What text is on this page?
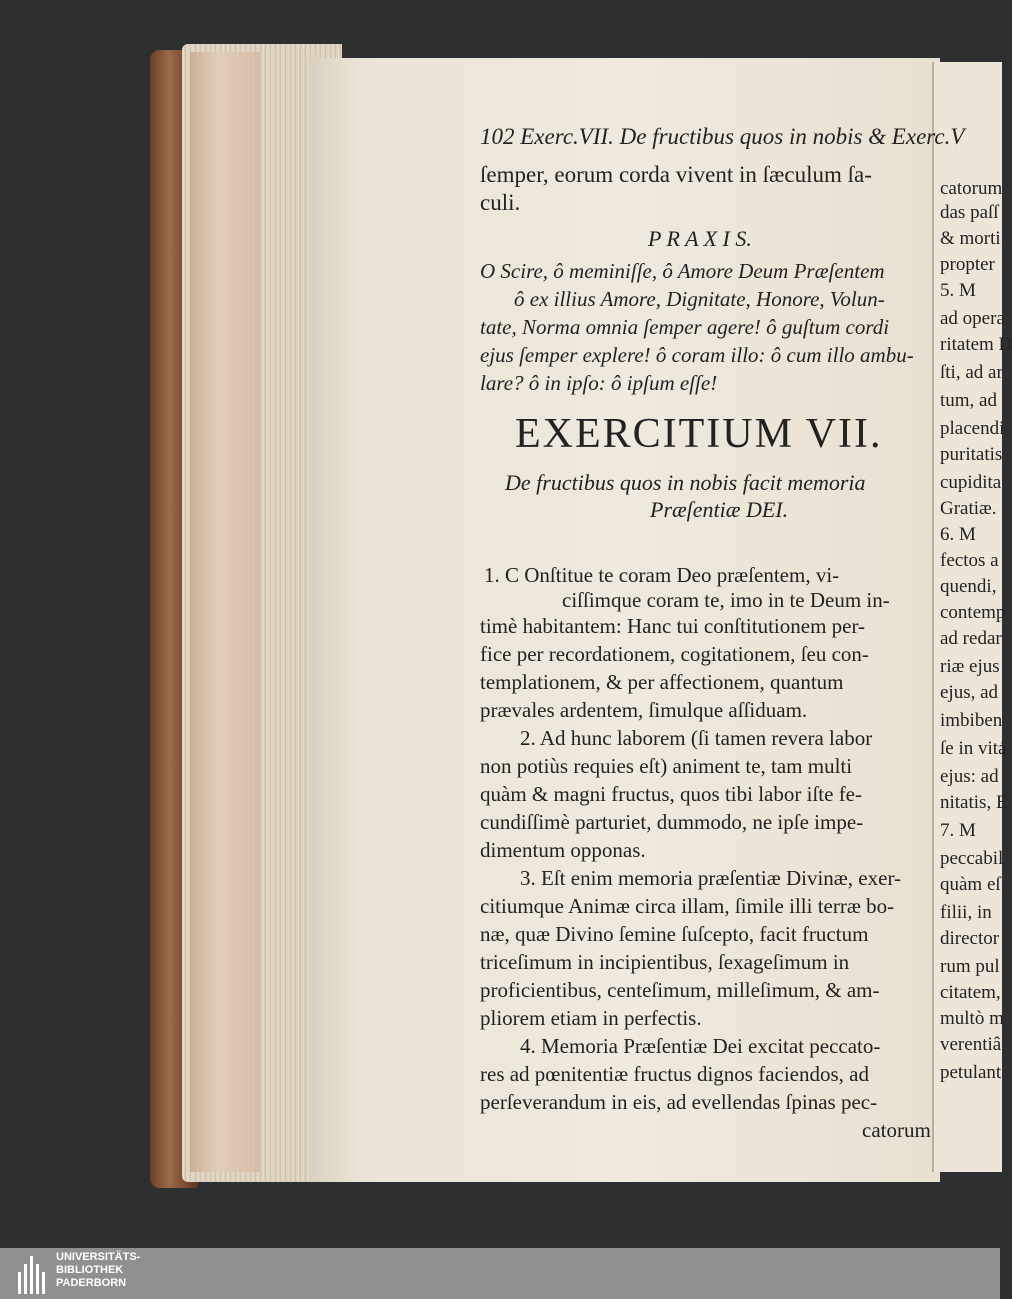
catorum
das paſſ
& morti
propter
5. M
ad opera
ritatem D
ſti, ad ar
tum, ad
placendi
puritatis
cupidita
Gratiæ.
6. M
fectos a
quendi,
contemp
ad redar
riæ ejus
ejus, ad
imbiben
ſe in vitá
ejus: ad
nitatis, E
7. M
peccabil
quàm eſ
filii, in
director
rum pul
citatem,
multò m
verentiâ
petulant
102 Exerc.VII. De fructibus quos in nobis & Exerc.V
ſemper, eorum corda vivent in ſæculum ſa-
culi.
P R A X I S.
O Scire, ô meminiſſe, ô Amore Deum Præſentem
ô ex illius Amore, Dignitate, Honore, Volun-
tate, Norma omnia ſemper agere! ô guſtum cordi
ejus ſemper explere! ô coram illo: ô cum illo ambu-
lare? ô in ipſo: ô ipſum eſſe!
EXERCITIUM VII.
De fructibus quos in nobis facit memoria
Præſentiæ DEI.
1. C Onſtitue te coram Deo præſentem, vi-
ciſſimque coram te, imo in te Deum in-
timè habitantem: Hanc tui conſtitutionem per-
fice per recordationem, cogitationem, ſeu con-
templationem, & per affectionem, quantum
prævales ardentem, ſimulque aſſiduam.
2. Ad hunc laborem (ſi tamen revera labor
non potiùs requies eſt) animent te, tam multi
quàm & magni fructus, quos tibi labor iſte fe-
cundiſſimè parturiet, dummodo, ne ipſe impe-
dimentum opponas.
3. Eſt enim memoria præſentiæ Divinæ, exer-
citiumque Animæ circa illam, ſimile illi terræ bo-
næ, quæ Divino ſemine ſuſcepto, facit fructum
triceſimum in incipientibus, ſexageſimum in
proficientibus, centeſimum, milleſimum, & am-
pliorem etiam in perfectis.
4. Memoria Præſentiæ Dei excitat peccato-
res ad pœnitentiæ fructus dignos faciendos, ad
perſeverandum in eis, ad evellendas ſpinas pec-
catorum
UNIVERSITÄTS-
BIBLIOTHEK
PADERBORN
